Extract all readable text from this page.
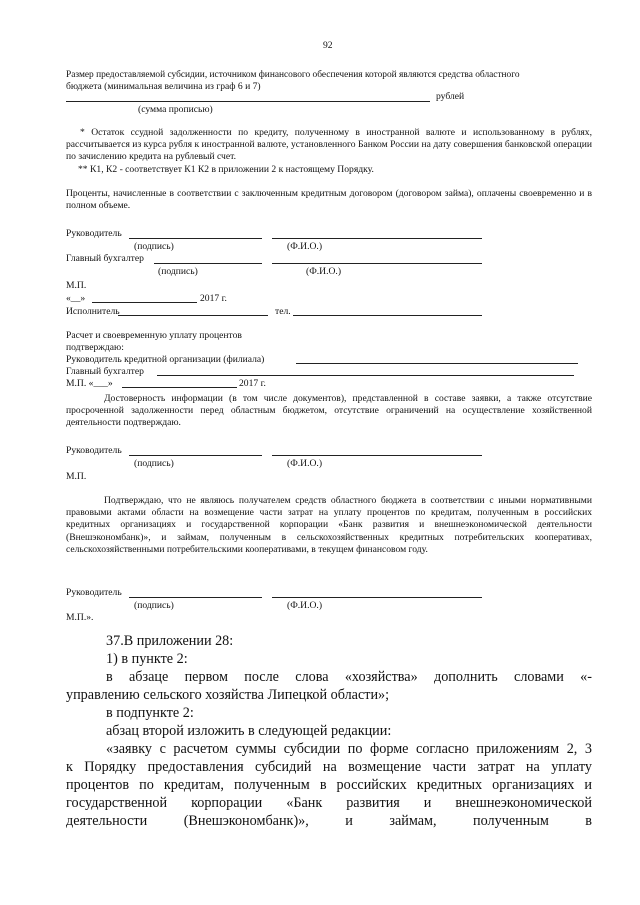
92
Размер предоставляемой субсидии, источником финансового обеспечения которой являются средства областного
бюджета (минимальная величина из граф 6 и 7)
рублей
(сумма прописью)
* Остаток ссудной задолженности по кредиту, полученному в иностранной валюте и использованному в рублях, рассчитывается из курса рубля к иностранной валюте, установленного Банком России на дату совершения банковской операции по зачислению кредита на рублевый счет.
** К1, К2 - соответствует К1 К2 в приложении 2 к настоящему Порядку.
Проценты, начисленные в соответствии с заключенным кредитным договором (договором займа), оплачены своевременно и в полном объеме.
Руководитель
(подпись)	(Ф.И.О.)
Главный бухгалтер
(подпись)	(Ф.И.О.)
М.П.
«__»	2017 г.
Исполнитель	тел.
Расчет и своевременную уплату процентов
подтверждаю:
Руководитель кредитной организации (филиала)
Главный бухгалтер
М.П. «___»	2017 г.
Достоверность информации (в том числе документов), представленной в составе заявки, а также отсутствие просроченной задолженности перед областным бюджетом, отсутствие ограничений на осуществление хозяйственной деятельности подтверждаю.
Руководитель
(подпись)	(Ф.И.О.)
М.П.
Подтверждаю, что не являюсь получателем средств областного бюджета в соответствии с иными нормативными правовыми актами области на возмещение части затрат на уплату процентов по кредитам, полученным в российских кредитных организациях и государственной корпорации «Банк развития и внешнеэкономической деятельности (Внешэкономбанк)», и займам, полученным в сельскохозяйственных кредитных потребительских кооперативах, сельскохозяйственными потребительскими кооперативами, в текущем финансовом году.
Руководитель
(подпись)	(Ф.И.О.)
М.П.».
37.В приложении 28:
1) в пункте 2:
в абзаце первом после слова «хозяйства» дополнить словами «-
управлению сельского хозяйства Липецкой области»;
в подпункте 2:
абзац второй изложить в следующей редакции:
«заявку с расчетом суммы субсидии по форме согласно приложениям 2, 3
к Порядку предоставления субсидий на возмещение части затрат на уплату
процентов по кредитам, полученным в российских кредитных организациях и
государственной корпорации «Банк развития и внешнеэкономической
деятельности (Внешэкономбанк)», и займам, полученным в
